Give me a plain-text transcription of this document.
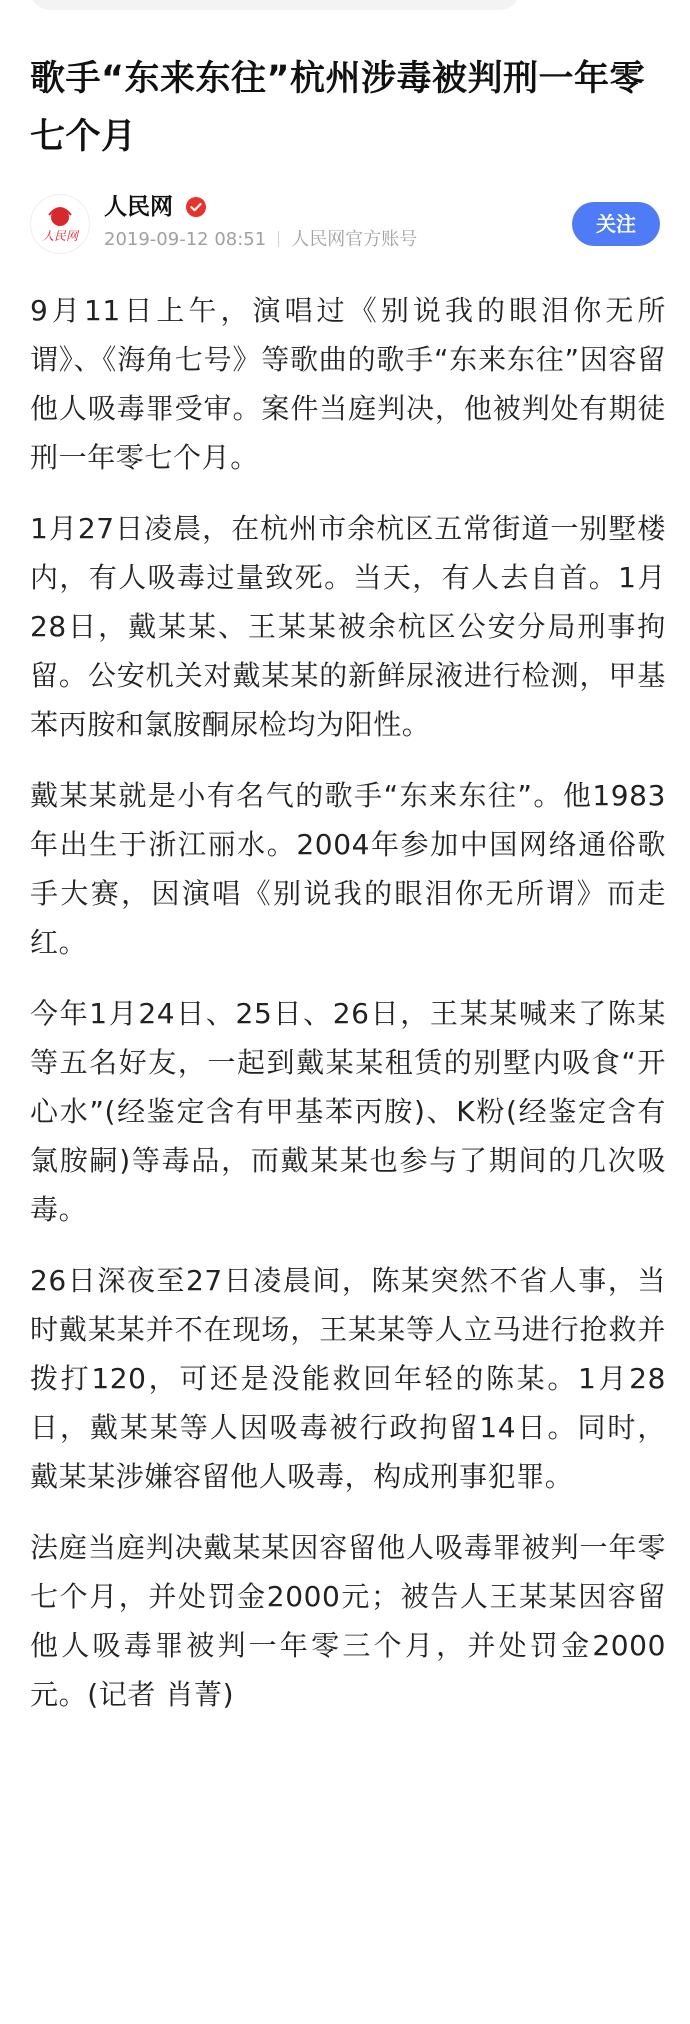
歌手“东来东往”杭州涉毒被判刑一年零七个月
人民网
人民网
2019-09-12 08:51 人民网官方账号
关注

9月11日上午，演唱过《别说我的眼泪你无所谓》、《海角七号》等歌曲的歌手“东来东往”因容留他人吸毒罪受审。案件当庭判决，他被判处有期徒刑一年零七个月。

1月27日凌晨，在杭州市余杭区五常街道一别墅楼内，有人吸毒过量致死。当天，有人去自首。1月28日，戴某某、王某某被余杭区公安分局刑事拘留。公安机关对戴某某的新鲜尿液进行检测，甲基苯丙胺和氯胺酮尿检均为阳性。

戴某某就是小有名气的歌手“东来东往”。他1983年出生于浙江丽水。2004年参加中国网络通俗歌手大赛，因演唱《别说我的眼泪你无所谓》而走红。

今年1月24日、25日、26日，王某某喊来了陈某等五名好友，一起到戴某某租赁的别墅内吸食“开心水”(经鉴定含有甲基苯丙胺)、K粉(经鉴定含有氯胺嗣)等毒品，而戴某某也参与了期间的几次吸毒。

26日深夜至27日凌晨间，陈某突然不省人事，当时戴某某并不在现场，王某某等人立马进行抢救并拨打120，可还是没能救回年轻的陈某。1月28日，戴某某等人因吸毒被行政拘留14日。同时，戴某某涉嫌容留他人吸毒，构成刑事犯罪。

法庭当庭判决戴某某因容留他人吸毒罪被判一年零七个月，并处罚金2000元；被告人王某某因容留他人吸毒罪被判一年零三个月，并处罚金2000元。(记者 肖菁)
